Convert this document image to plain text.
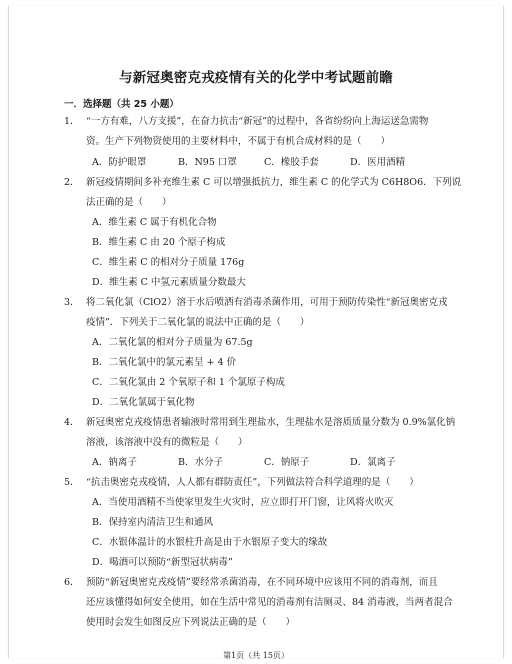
与新冠奥密克戎疫情有关的化学中考试题前瞻
一．选择题（共 25 小题）
1． “一方有难，八方支援”，在奋力抗击“新冠”的过程中，各省纷纷向上海运送急需物
资。生产下列物资使用的主要材料中，不属于有机合成材料的是（　　）
A．防护眼罩	B．N95 口罩	C．橡胶手套	D．医用酒精
2． 新冠疫情期间多补充维生素 C 可以增强抵抗力，维生素 C 的化学式为 C6H8O6．下列说
法正确的是（　　）
A．维生素 C 属于有机化合物
B．维生素 C 由 20 个原子构成
C．维生素 C 的相对分子质量 176g
D．维生素 C 中氢元素质量分数最大
3． 将二氧化氯（ClO2）溶于水后喷洒有消毒杀菌作用，可用于预防传染性“新冠奥密克戎
疫情”．下列关于二氧化氯的说法中正确的是（　　）
A．二氧化氯的相对分子质量为 67.5g
B．二氧化氯中的氯元素呈 + 4 价
C．二氧化氯由 2 个氧原子和 1 个氯原子构成
D．二氧化氯属于氧化物
4． 新冠奥密克戎疫情患者输液时常用到生理盐水，生理盐水是溶质质量分数为 0.9%氯化钠
溶液，该溶液中没有的微粒是（　　）
A．钠离子	B．水分子	C．钠原子	D．氯离子
5． “抗击奥密克戎疫情，人人都有群防责任”，下列做法符合科学道理的是（　　）
A．当使用酒精不当使家里发生火灾时，应立即打开门窗，让风将火吹灭
B．保持室内清洁卫生和通风
C．水银体温计的水银柱升高是由于水银原子变大的缘故
D．喝酒可以预防“新型冠状病毒”
6． 预防“新冠奥密克戎疫情”要经常杀菌消毒，在不同环境中应该用不同的消毒剂，而且
还应该懂得如何安全使用，如在生活中常见的消毒剂有洁厕灵、84 消毒液，当两者混合
使用时会发生如图反应下列说法正确的是（　　）
第1页（共 15页）
